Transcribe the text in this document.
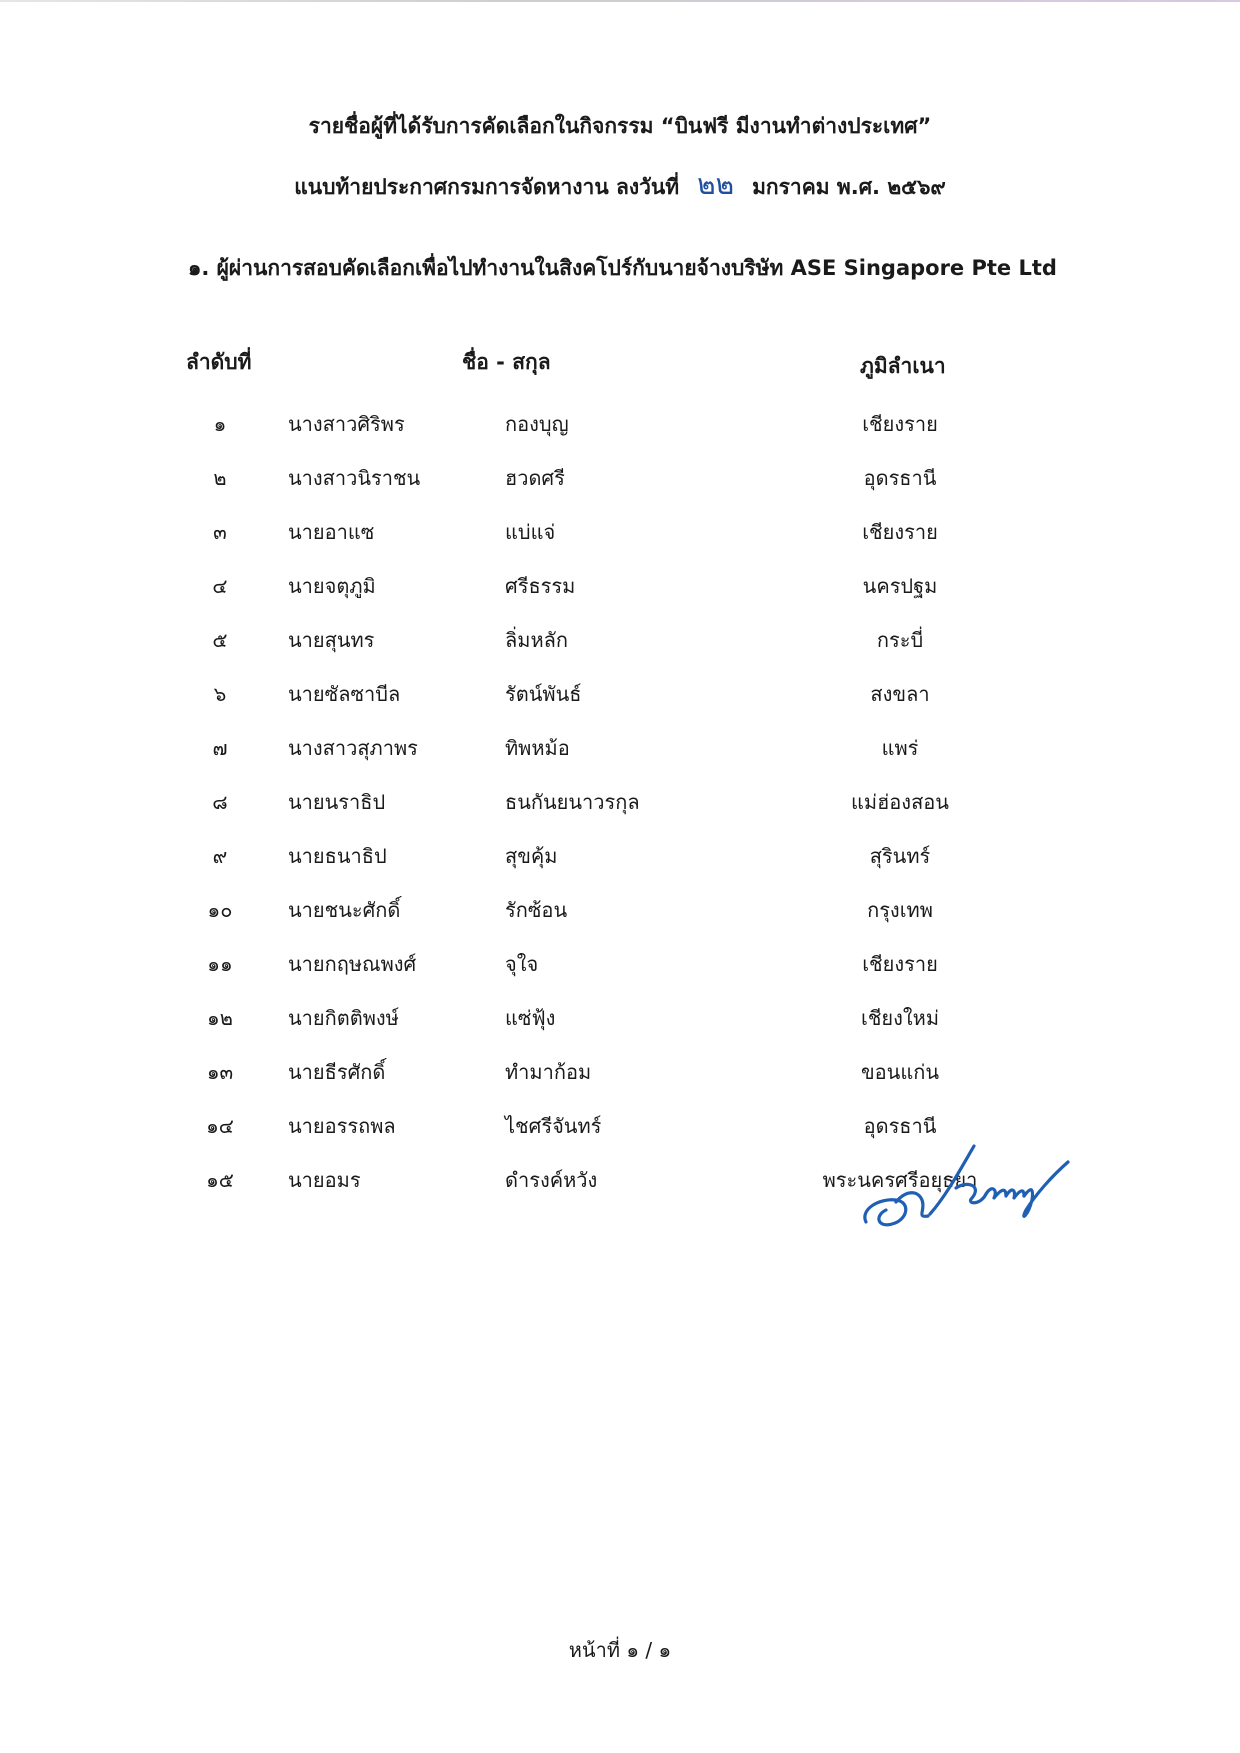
รายชื่อผู้ที่ได้รับการคัดเลือกในกิจกรรม “บินฟรี มีงานทำต่างประเทศ”
แนบท้ายประกาศกรมการจัดหางาน ลงวันที่ ๒๒ มกราคม พ.ศ. ๒๕๖๙
๑. ผู้ผ่านการสอบคัดเลือกเพื่อไปทำงานในสิงคโปร์กับนายจ้างบริษัท ASE Singapore Pte Ltd
ลำดับที่	ชื่อ - สกุล	ภูมิลำเนา
๑	นางสาวศิริพร	กองบุญ	เชียงราย
๒	นางสาวนิราชน	ฮวดศรี	อุดรธานี
๓	นายอาแซ	แบ่แจ่	เชียงราย
๔	นายจตุภูมิ	ศรีธรรม	นครปฐม
๕	นายสุนทร	ลิ่มหลัก	กระบี่
๖	นายซัลซาบีล	รัตน์พันธ์	สงขลา
๗	นางสาวสุภาพร	ทิพหม้อ	แพร่
๘	นายนราธิป	ธนกันยนาวรกุล	แม่ฮ่องสอน
๙	นายธนาธิป	สุขคุ้ม	สุรินทร์
๑๐	นายชนะศักดิ์	รักซ้อน	กรุงเทพ
๑๑	นายกฤษณพงศ์	จุใจ	เชียงราย
๑๒	นายกิตติพงษ์	แซ่ฟุ้ง	เชียงใหม่
๑๓	นายธีรศักดิ์	ทำมาก้อม	ขอนแก่น
๑๔	นายอรรถพล	ไชศรีจันทร์	อุดรธานี
๑๕	นายอมร	ดำรงค์หวัง	พระนครศรีอยุธยา
หน้าที่ ๑ / ๑
